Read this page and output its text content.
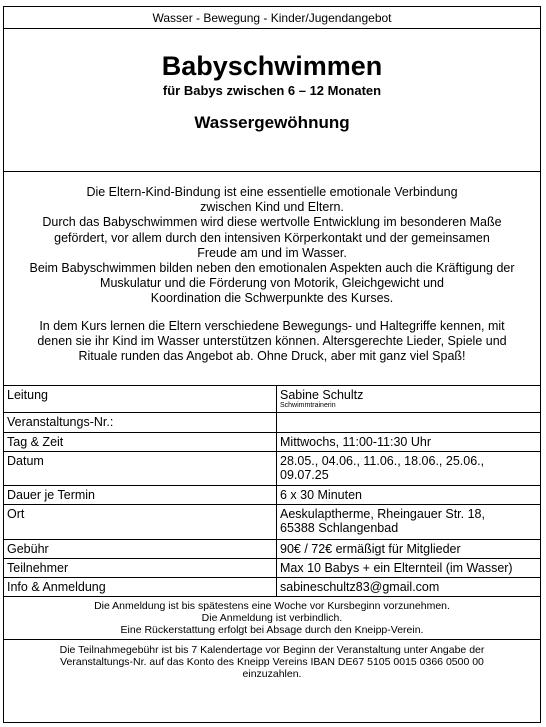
Wasser - Bewegung - Kinder/Jugendangebot
Babyschwimmen
für Babys zwischen 6 – 12 Monaten
Wassergewöhnung

Die Eltern-Kind-Bindung ist eine essentielle emotionale Verbindung

zwischen Kind und Eltern.

Durch das Babyschwimmen wird diese wertvolle Entwicklung im besonderen Maße

gefördert, vor allem durch den intensiven Körperkontakt und der gemeinsamen

Freude am und im Wasser.

Beim Babyschwimmen bilden neben den emotionalen Aspekten auch die Kräftigung der

Muskulatur und die Förderung von Motorik, Gleichgewicht und

Koordination die Schwerpunkte des Kurses.

In dem Kurs lernen die Eltern verschiedene Bewegungs- und Haltegriffe kennen, mit

denen sie ihr Kind im Wasser unterstützen können. Altersgerechte Lieder, Spiele und

Rituale runden das Angebot ab. Ohne Druck, aber mit ganz viel Spaß!

Leitung	Sabine Schultz
Schwimmtrainerin

Veranstaltungs-Nr.:	
Tag & Zeit	Mittwochs, 11:00-11:30 Uhr
Datum	28.05., 04.06., 11.06., 18.06., 25.06.,
09.07.25

Dauer je Termin	6 x 30 Minuten
Ort	Aeskulaptherme, Rheingauer Str. 18,
65388 Schlangenbad

Gebühr	90€ / 72€ ermäßigt für Mitglieder
Teilnehmer	Max 10 Babys + ein Elternteil (im Wasser)
Info & Anmeldung	sabineschultz83@gmail.com

Die Anmeldung ist bis spätestens eine Woche vor Kursbeginn vorzunehmen.

Die Anmeldung ist verbindlich.

Eine Rückerstattung erfolgt bei Absage durch den Kneipp-Verein.

Die Teilnahmegebühr ist bis 7 Kalendertage vor Beginn der Veranstaltung unter Angabe der

Veranstaltungs-Nr. auf das Konto des Kneipp Vereins IBAN DE67 5105 0015 0366 0500 00

einzuzahlen.
